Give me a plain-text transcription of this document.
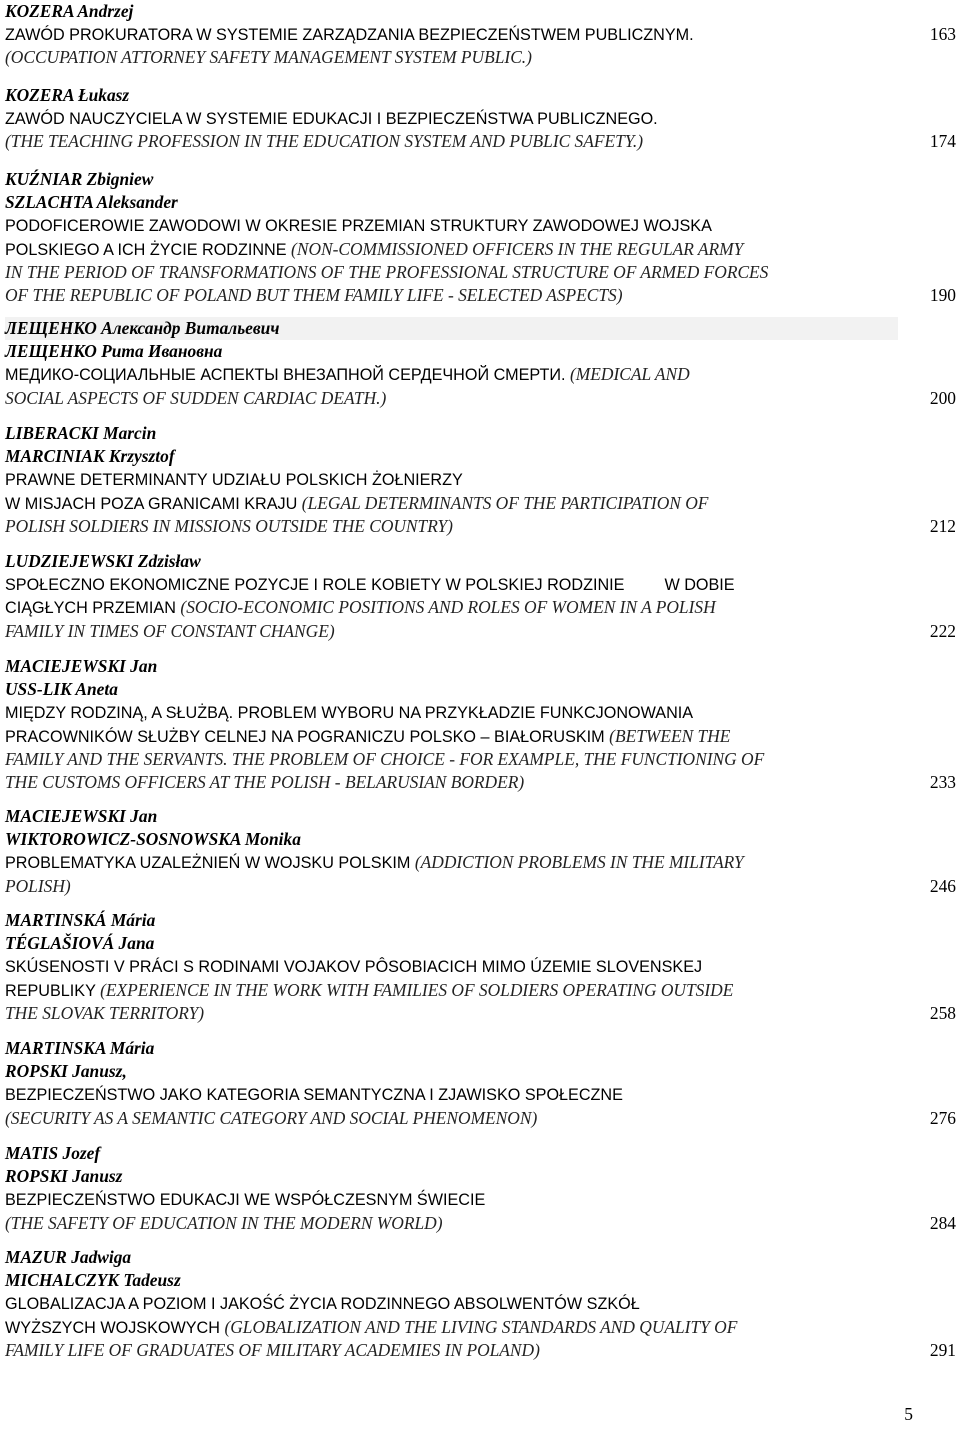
5
KOZERA Andrzej
ZAWÓD PROKURATORA W SYSTEMIE ZARZĄDZANIA BEZPIECZEŃSTWEM PUBLICZNYM.	163
(OCCUPATION ATTORNEY SAFETY MANAGEMENT SYSTEM PUBLIC.)
KOZERA Łukasz
ZAWÓD NAUCZYCIELA W SYSTEMIE EDUKACJI I BEZPIECZEŃSTWA PUBLICZNEGO.
(THE TEACHING PROFESSION IN THE EDUCATION SYSTEM AND PUBLIC SAFETY.)	174
KUŹNIAR Zbigniew
SZLACHTA Aleksander
PODOFICEROWIE ZAWODOWI W OKRESIE PRZEMIAN STRUKTURY ZAWODOWEJ WOJSKA
POLSKIEGO A ICH ŻYCIE RODZINNE (NON-COMMISSIONED OFFICERS IN THE REGULAR ARMY
IN THE PERIOD OF TRANSFORMATIONS OF THE PROFESSIONAL STRUCTURE OF ARMED FORCES
OF THE REPUBLIC OF POLAND BUT THEM FAMILY LIFE - SELECTED ASPECTS)	190
ЛЕЩЕНКО Александр Витальевич
ЛЕЩЕНКО Рита Ивановна
МЕДИКО-СОЦИАЛЬНЫЕ АСПЕКТЫ ВНЕЗАПНОЙ СЕРДЕЧНОЙ СМЕРТИ. (MEDICAL AND
SOCIAL ASPECTS OF SUDDEN CARDIAC DEATH.)	200
LIBERACKI Marcin
MARCINIAK Krzysztof
PRAWNE DETERMINANTY UDZIAŁU POLSKICH ŻOŁNIERZY
W MISJACH POZA GRANICAMI KRAJU (LEGAL DETERMINANTS OF THE PARTICIPATION OF
POLISH SOLDIERS IN MISSIONS OUTSIDE THE COUNTRY)	212
LUDZIEJEWSKI Zdzisław
SPOŁECZNO EKONOMICZNE POZYCJE I ROLE KOBIETY W POLSKIEJ RODZINIE W DOBIE
CIĄGŁYCH PRZEMIAN (SOCIO-ECONOMIC POSITIONS AND ROLES OF WOMEN IN A POLISH
FAMILY IN TIMES OF CONSTANT CHANGE)	222
MACIEJEWSKI Jan
USS-LIK Aneta
MIĘDZY RODZINĄ, A SŁUŻBĄ. PROBLEM WYBORU NA PRZYKŁADZIE FUNKCJONOWANIA
PRACOWNIKÓW SŁUŻBY CELNEJ NA POGRANICZU POLSKO – BIAŁORUSKIM (BETWEEN THE
FAMILY AND THE SERVANTS. THE PROBLEM OF CHOICE - FOR EXAMPLE, THE FUNCTIONING OF
THE CUSTOMS OFFICERS AT THE POLISH - BELARUSIAN BORDER)	233
MACIEJEWSKI Jan
WIKTOROWICZ-SOSNOWSKA Monika
PROBLEMATYKA UZALEŻNIEŃ W WOJSKU POLSKIM (ADDICTION PROBLEMS IN THE MILITARY
POLISH)	246
MARTINSKÁ Mária
TÉGLAŠIOVÁ Jana
SKÚSENOSTI V PRÁCI S RODINAMI VOJAKOV PÔSOBIACICH MIMO ÚZEMIE SLOVENSKEJ
REPUBLIKY (EXPERIENCE IN THE WORK WITH FAMILIES OF SOLDIERS OPERATING OUTSIDE
THE SLOVAK TERRITORY)	258
MARTINSKA Mária
ROPSKI Janusz,
BEZPIECZEŃSTWO JAKO KATEGORIA SEMANTYCZNA I ZJAWISKO SPOŁECZNE
(SECURITY AS A SEMANTIC CATEGORY AND SOCIAL PHENOMENON)	276
MATIS Jozef
ROPSKI Janusz
BEZPIECZEŃSTWO EDUKACJI WE WSPÓŁCZESNYM ŚWIECIE
(THE SAFETY OF EDUCATION IN THE MODERN WORLD)	284
MAZUR Jadwiga
MICHALCZYK Tadeusz
GLOBALIZACJA A POZIOM I JAKOŚĆ ŻYCIA RODZINNEGO ABSOLWENTÓW SZKÓŁ
WYŻSZYCH WOJSKOWYCH (GLOBALIZATION AND THE LIVING STANDARDS AND QUALITY OF
FAMILY LIFE OF GRADUATES OF MILITARY ACADEMIES IN POLAND)	291
